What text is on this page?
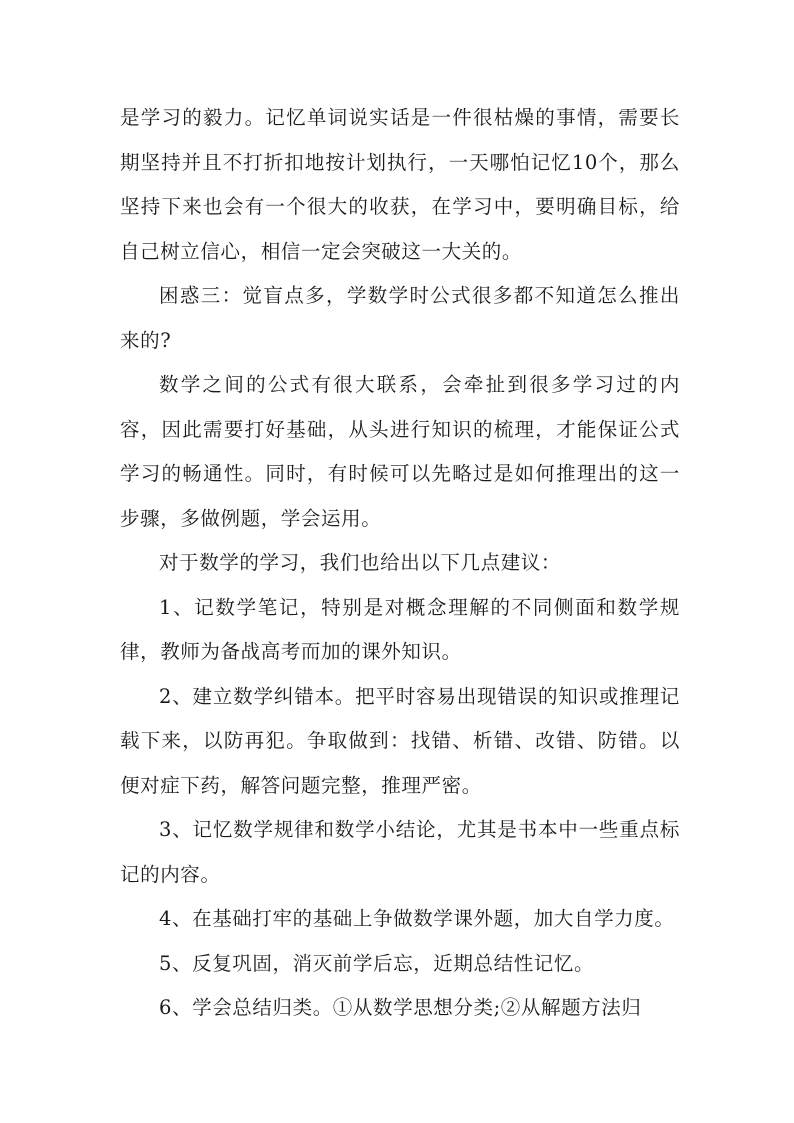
是学习的毅力。记忆单词说实话是一件很枯燥的事情，需要长期坚持并且不打折扣地按计划执行，一天哪怕记忆10个，那么坚持下来也会有一个很大的收获，在学习中，要明确目标，给自己树立信心，相信一定会突破这一大关的。

困惑三：觉盲点多，学数学时公式很多都不知道怎么推出来的?

数学之间的公式有很大联系，会牵扯到很多学习过的内容，因此需要打好基础，从头进行知识的梳理，才能保证公式学习的畅通性。同时，有时候可以先略过是如何推理出的这一步骤，多做例题，学会运用。

对于数学的学习，我们也给出以下几点建议：

1、记数学笔记，特别是对概念理解的不同侧面和数学规律，教师为备战高考而加的课外知识。

2、建立数学纠错本。把平时容易出现错误的知识或推理记载下来，以防再犯。争取做到：找错、析错、改错、防错。以便对症下药，解答问题完整，推理严密。

3、记忆数学规律和数学小结论，尤其是书本中一些重点标记的内容。

4、在基础打牢的基础上争做数学课外题，加大自学力度。

5、反复巩固，消灭前学后忘，近期总结性记忆。

6、学会总结归类。①从数学思想分类;②从解题方法归
